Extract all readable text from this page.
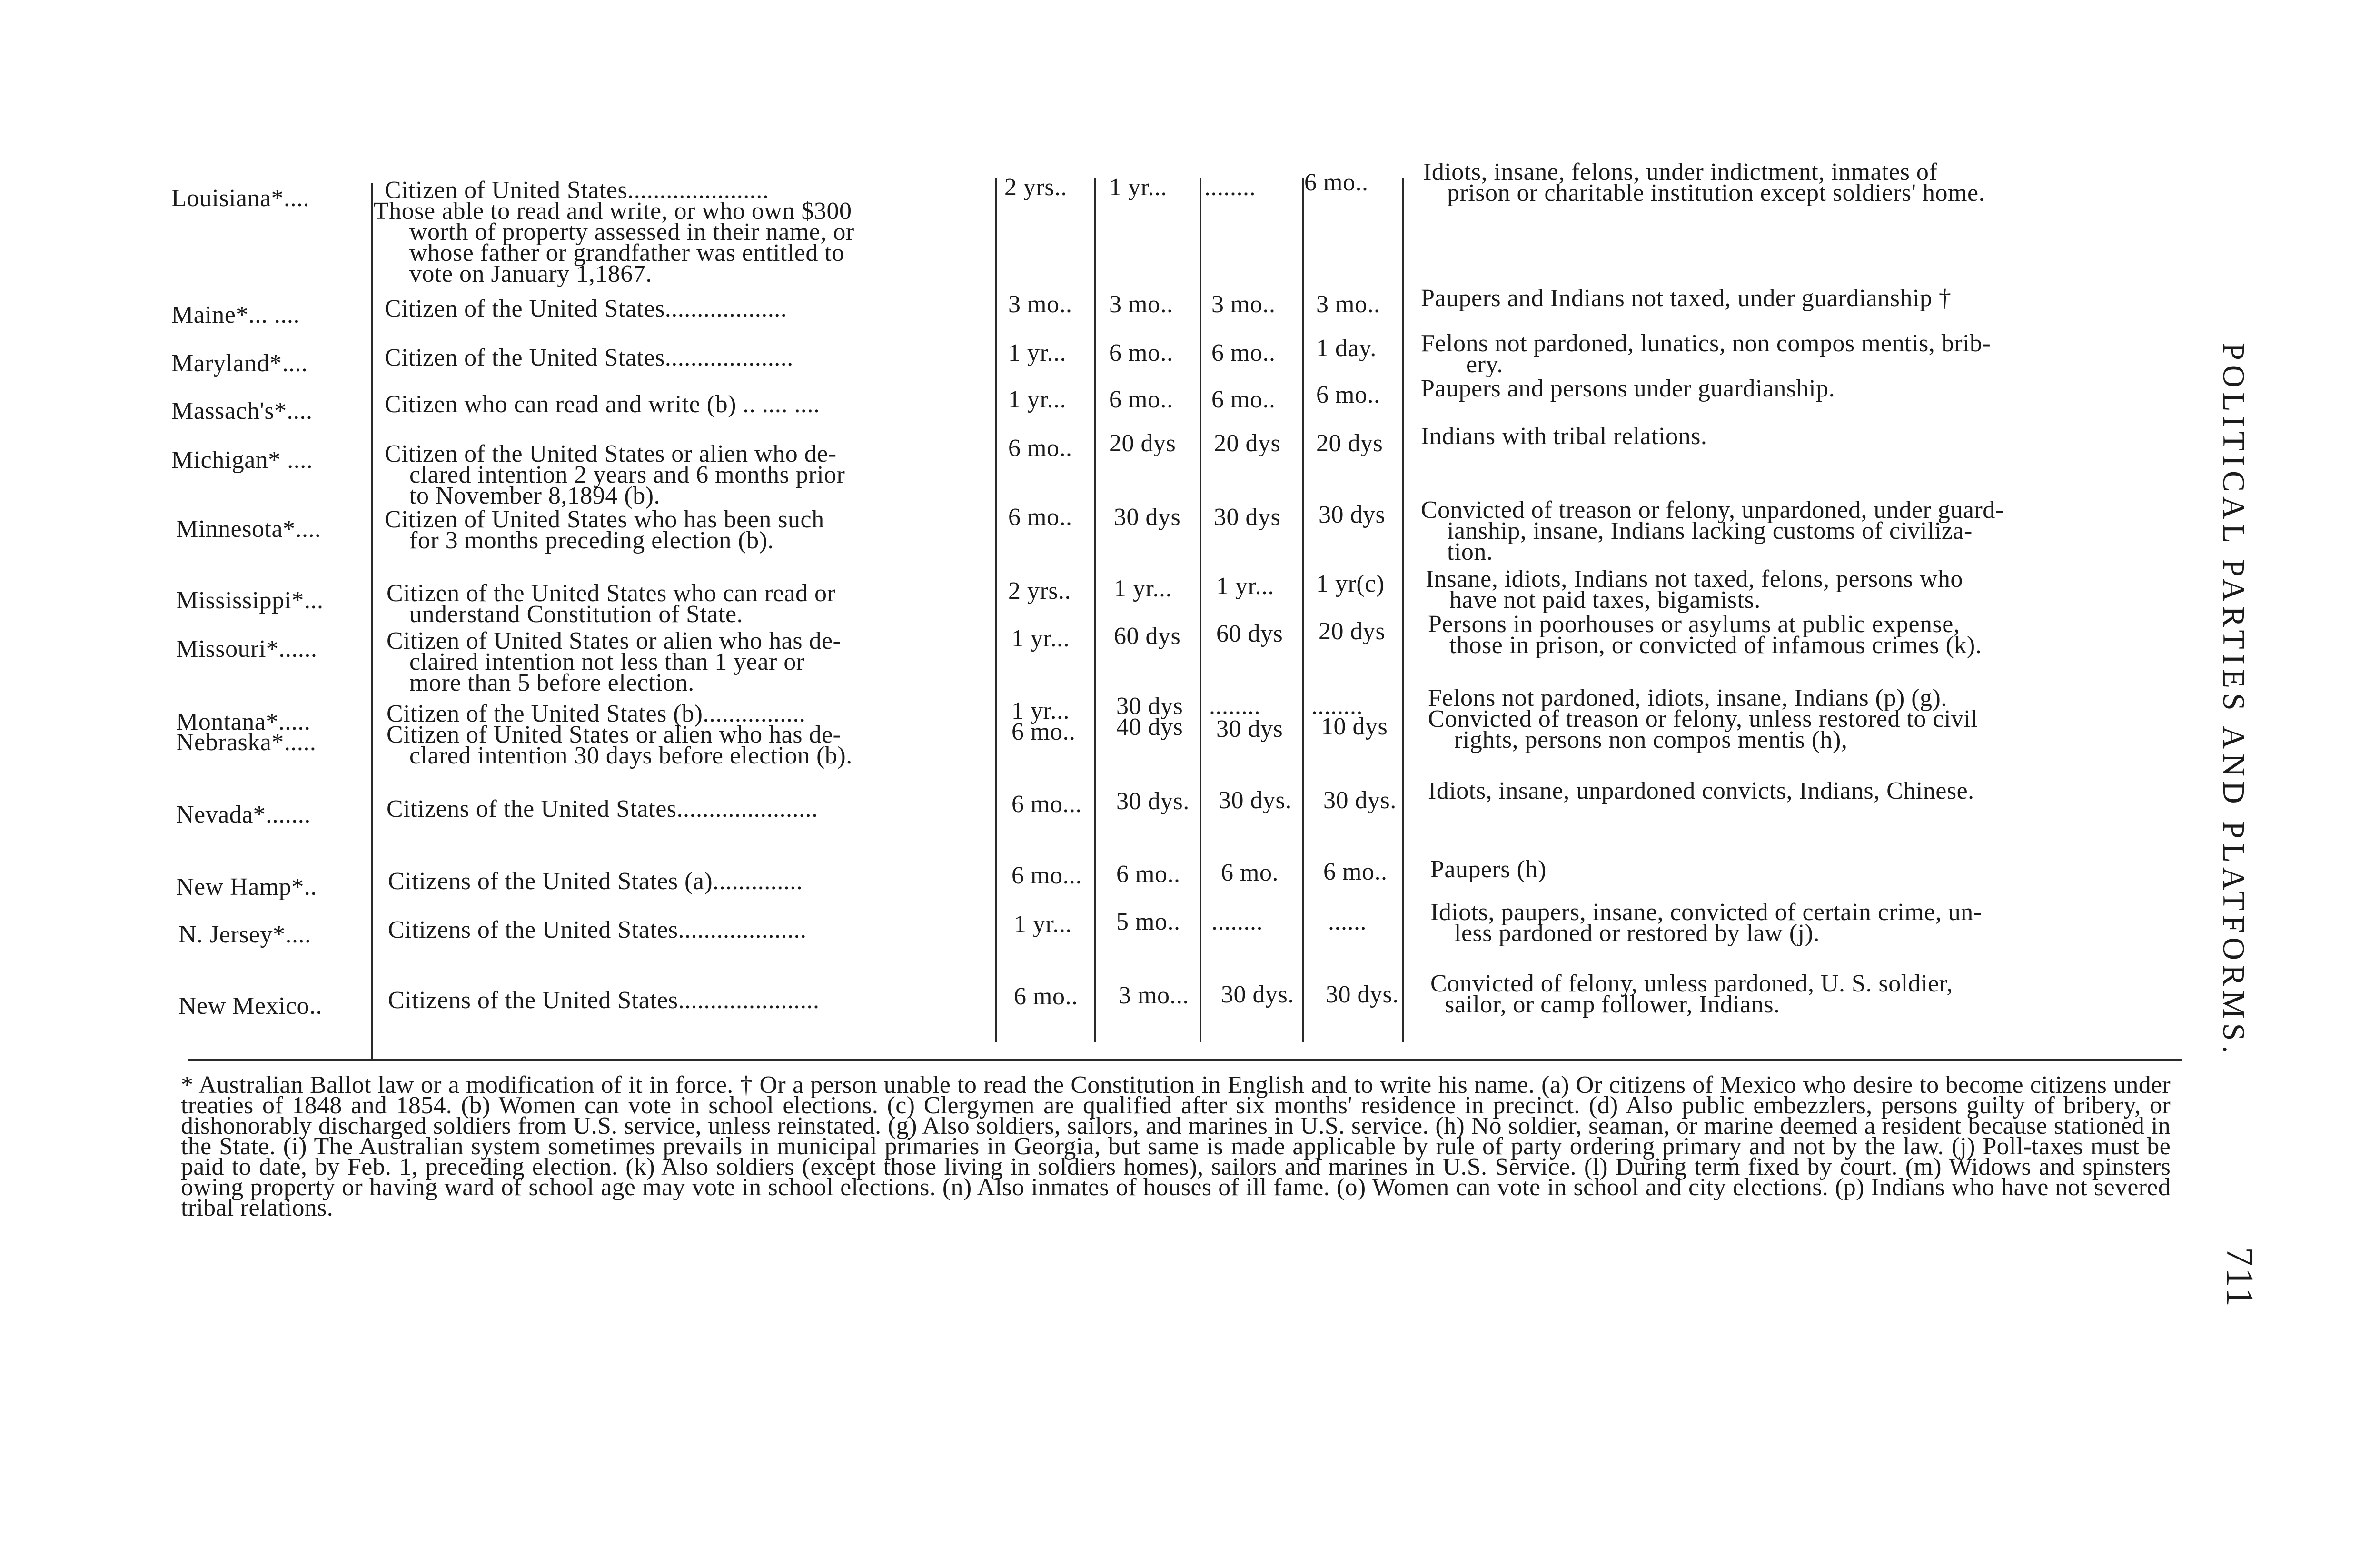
Louisiana*....	Citizen of United States......................
Those able to read and write, or who own $300
worth of property assessed in their name, or
whose father or grandfather was entitled to
vote on January 1,1867.
2 yrs.. 1 yr... ........ 6 mo.. Idiots, insane, felons, under indictment, inmates of
prison or charitable institution except soldiers' home.
Maine*... ....	Citizen of the United States...................	3 mo.. 3 mo.. 3 mo.. 3 mo.. Paupers and Indians not taxed, under guardianship †
Maryland*....	Citizen of the United States....................	1 yr... 6 mo.. 6 mo.. 1 day. Felons not pardoned, lunatics, non compos mentis, brib-
ery.
Massach's*....	Citizen who can read and write (b) .. .... ....	1 yr... 6 mo.. 6 mo.. 6 mo.. Paupers and persons under guardianship.
Michigan* ....	Citizen of the United States or alien who de-
clared intention 2 years and 6 months prior
to November 8,1894 (b).
6 mo.. 20 dys 20 dys 20 dys Indians with tribal relations.
Minnesota*....	Citizen of United States who has been such
for 3 months preceding election (b).
6 mo.. 30 dys 30 dys 30 dys Convicted of treason or felony, unpardoned, under guard-
ianship, insane, Indians lacking customs of civiliza-
tion.
Mississippi*...	Citizen of the United States who can read or
understand Constitution of State.
2 yrs.. 1 yr... 1 yr... 1 yr(c) Insane, idiots, Indians not taxed, felons, persons who
have not paid taxes, bigamists.
Missouri*......	Citizen of United States or alien who has de-
claired intention not less than 1 year or
more than 5 before election.
1 yr... 60 dys 60 dys 20 dys Persons in poorhouses or asylums at public expense,
those in prison, or convicted of infamous crimes (k).
Montana*.....	Citizen of the United States (b)................	1 yr... 30 dys ........ ........	Felons not pardoned, idiots, insane, Indians (p) (g).
Nebraska*.....	Citizen of United States or alien who has de-
clared intention 30 days before election (b).
6 mo.. 40 dys 30 dys 10 dys Convicted of treason or felony, unless restored to civil
rights, persons non compos mentis (h),
Nevada*.......	Citizens of the United States......................	6 mo... 30 dys. 30 dys. 30 dys. Idiots, insane, unpardoned convicts, Indians, Chinese.
New Hamp*..	Citizens of the United States (a)..............	6 mo... 6 mo.. 6 mo. 6 mo.. Paupers (h)
N. Jersey*....	Citizens of the United States....................	1 yr... 5 mo.. ........	......	Idiots, paupers, insane, convicted of certain crime, un-
less pardoned or restored by law (j).
New Mexico..	Citizens of the United States......................	6 mo.. 3 mo... 30 dys. 30 dys. Convicted of felony, unless pardoned, U. S. soldier,
sailor, or camp follower, Indians.
* Australian Ballot law or a modification of it in force. † Or a person unable to read the Constitution in English and to write his name. (a) Or citizens of Mexico who desire to become citizens under treaties of 1848 and 1854. (b) Women can vote in school elections. (c) Clergymen are qualified after six months' residence in precinct. (d) Also public embezzlers, persons guilty of bribery, or dishonorably discharged soldiers from U.S. service, unless reinstated. (g) Also soldiers, sailors, and marines in U.S. service. (h) No soldier, seaman, or marine deemed a resident because stationed in the State. (i) The Australian system sometimes prevails in municipal primaries in Georgia, but same is made applicable by rule of party ordering primary and not by the law. (j) Poll-taxes must be paid to date, by Feb. 1, preceding election. (k) Also soldiers (except those living in soldiers homes), sailors and marines in U.S. Service. (l) During term fixed by court. (m) Widows and spinsters owing property or having ward of school age may vote in school elections. (n) Also inmates of houses of ill fame. (o) Women can vote in school and city elections. (p) Indians who have not severed tribal relations.
POLITICAL PARTIES AND PLATFORMS.
711
